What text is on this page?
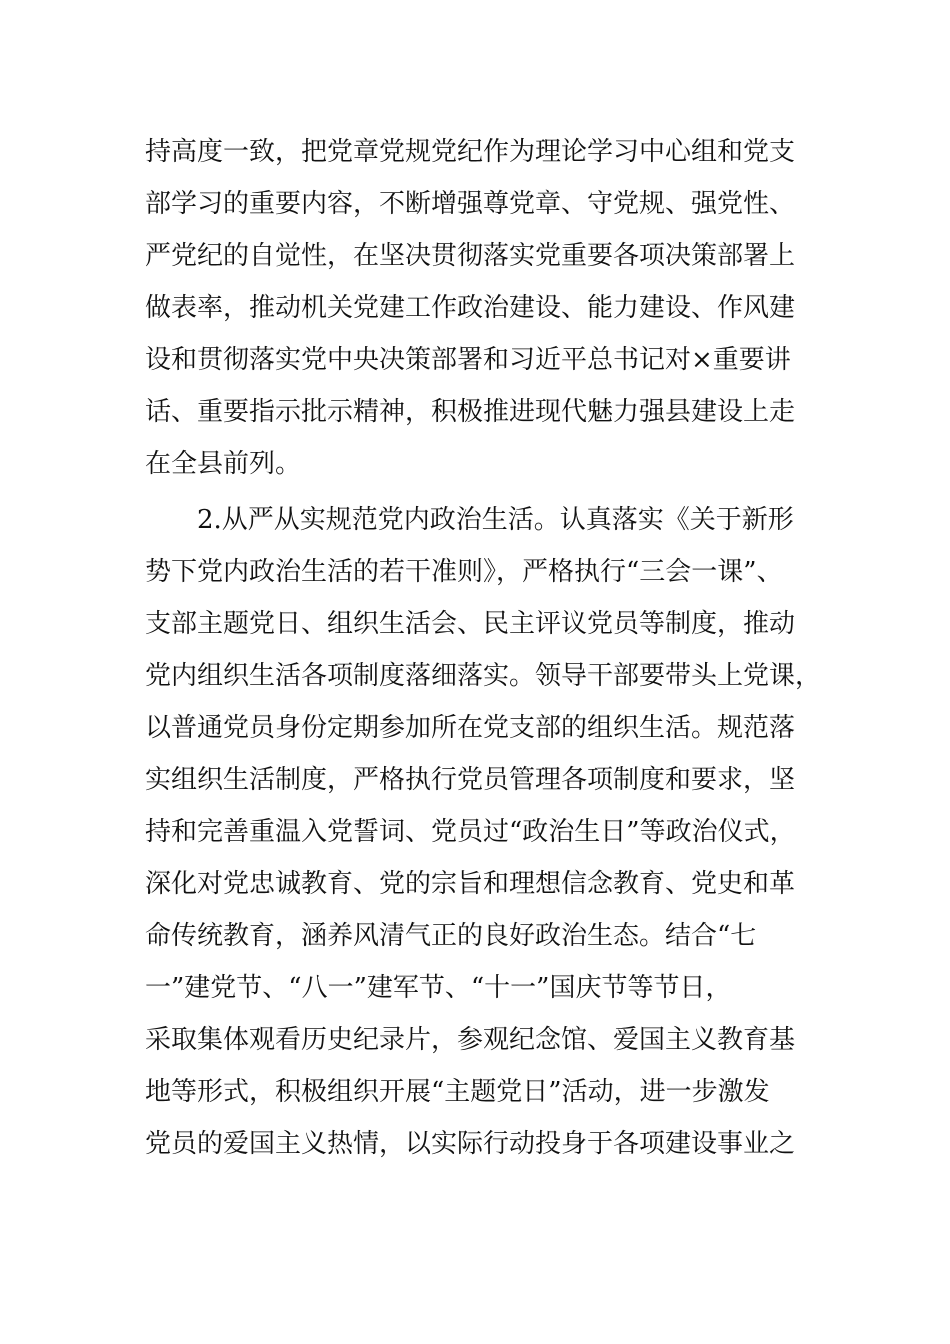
持高度一致，把党章党规党纪作为理论学习中心组和党支
部学习的重要内容，不断增强尊党章、守党规、强党性、
严党纪的自觉性，在坚决贯彻落实党重要各项决策部署上
做表率，推动机关党建工作政治建设、能力建设、作风建
设和贯彻落实党中央决策部署和习近平总书记对×重要讲
话、重要指示批示精神，积极推进现代魅力强县建设上走
在全县前列。
　　2.从严从实规范党内政治生活。认真落实《关于新形
势下党内政治生活的若干准则》，严格执行“三会一课”、
支部主题党日、组织生活会、民主评议党员等制度，推动
党内组织生活各项制度落细落实。领导干部要带头上党课，
以普通党员身份定期参加所在党支部的组织生活。规范落
实组织生活制度，严格执行党员管理各项制度和要求，坚
持和完善重温入党誓词、党员过“政治生日”等政治仪式，
深化对党忠诚教育、党的宗旨和理想信念教育、党史和革
命传统教育，涵养风清气正的良好政治生态。结合“七
一”建党节、“八一”建军节、“十一”国庆节等节日，
采取集体观看历史纪录片，参观纪念馆、爱国主义教育基
地等形式，积极组织开展“主题党日”活动，进一步激发
党员的爱国主义热情，以实际行动投身于各项建设事业之
